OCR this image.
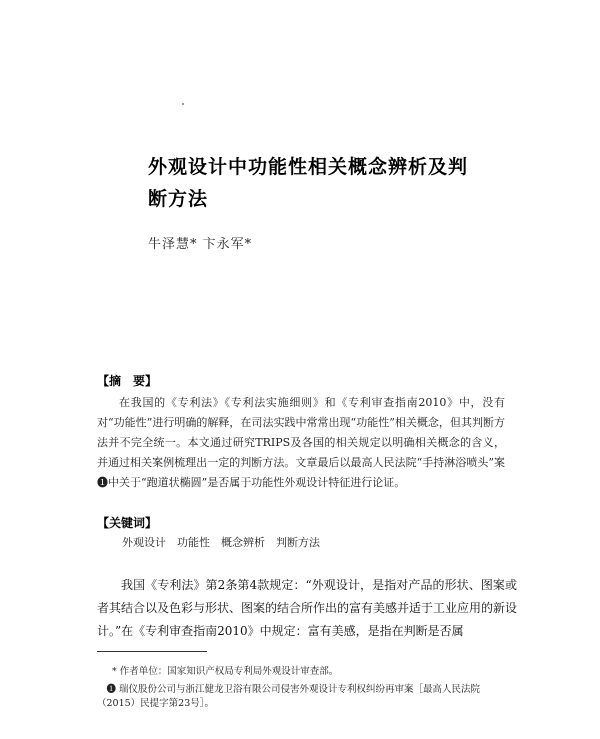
外观设计中功能性相关概念辨析及判断方法
牛泽慧* 卞永军*
【摘　要】
在我国的《专利法》《专利法实施细则》和《专利审查指南2010》中，没有对“功能性”进行明确的解释，在司法实践中常常出现“功能性”相关概念，但其判断方法并不完全统一。本文通过研究TRIPS及各国的相关规定以明确相关概念的含义，并通过相关案例梳理出一定的判断方法。文章最后以最高人民法院“手持淋浴喷头”案❶中关于“跑道状椭圆”是否属于功能性外观设计特征进行论证。
【关键词】
外观设计　功能性　概念辨析　判断方法
我国《专利法》第2条第4款规定：“外观设计，是指对产品的形状、图案或者其结合以及色彩与形状、图案的结合所作出的富有美感并适于工业应用的新设计。”在《专利审查指南2010》中规定：富有美感，是指在判断是否属
* 作者单位：国家知识产权局专利局外观设计审查部。
❶ 瑞仪股份公司与浙江健龙卫浴有限公司侵害外观设计专利权纠纷再审案［最高人民法院（2015）民提字第23号］。
